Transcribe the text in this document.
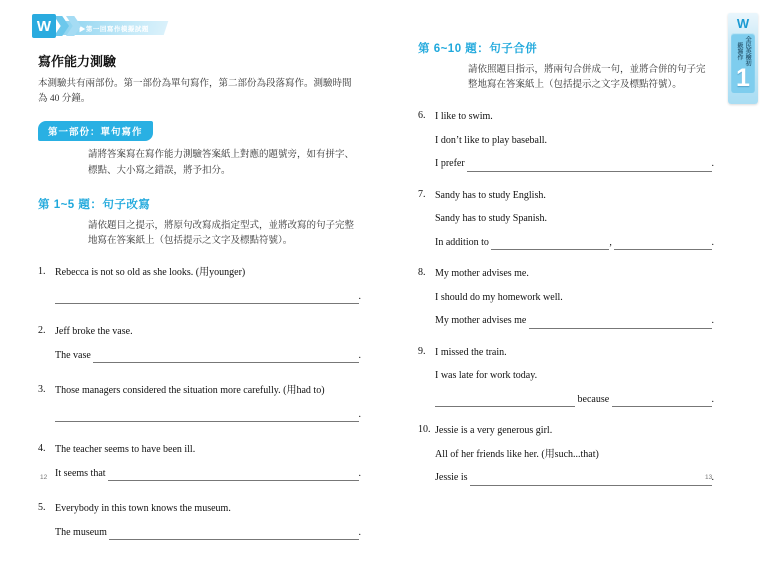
▶第一回寫作模擬試題
W
寫作能力測驗
本測驗共有兩部份。第一部份為單句寫作，第二部份為段落寫作。測驗時間為 40 分鐘。
第一部份：單句寫作
請將答案寫在寫作能力測驗答案紙上對應的題號旁，如有拼字、標點、大小寫之錯誤，將予扣分。
第 1~5 題：句子改寫
請依題目之提示，將原句改寫成指定型式，並將改寫的句子完整地寫在答案紙上（包括提示之文字及標點符號）。
1. Rebecca is not so old as she looks. (用younger)
.
2. Jeff broke the vase.
The vase	.
3. Those managers considered the situation more carefully. (用had to)
.
4. The teacher seems to have been ill.
It seems that	.
5. Everybody in this town knows the museum.
The museum	.
第 6~10 題：句子合併
請依照題目指示，將兩句合併成一句，並將合併的句子完整地寫在答案紙上（包括提示之文字及標點符號）。
6. I like to swim.
I don’t like to play baseball.
I prefer	.
7. Sandy has to study English.
Sandy has to study Spanish.
In addition to	,	.
8. My mother advises me.
I should do my homework well.
My mother advises me	.
9. I missed the train.
I was late for work today.
because	.
10. Jessie is a very generous girl.
All of her friends like her. (用such...that)
Jessie is	.
W
全民英檢初級寫作
1
12	13
